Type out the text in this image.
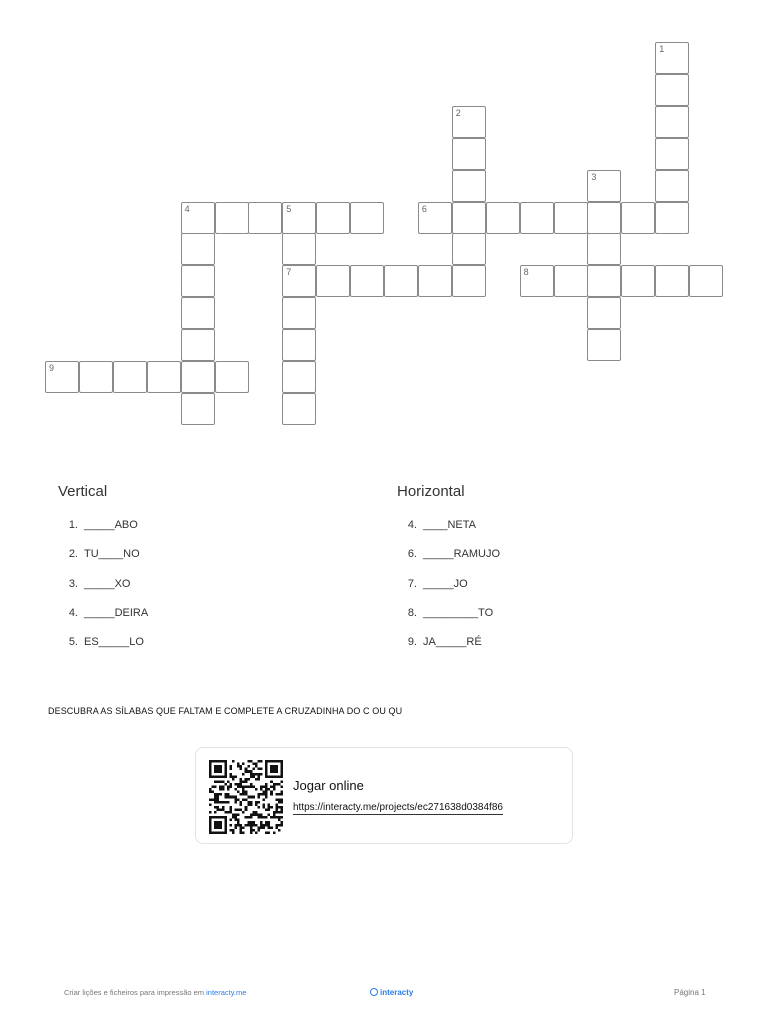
1
2
3
4	5
7
6
8
9
Vertical
1. _____ABO
2. TU____NO
3. _____XO
4. _____DEIRA
5. ES_____LO
Horizontal
4. ____NETA
6. _____RAMUJO
7. _____JO
8. _________TO
9. JA_____RÉ
DESCUBRA AS SÍLABAS QUE FALTAM E COMPLETE A CRUZADINHA DO C OU QU
Jogar online
https://interacty.me/projects/ec271638d0384f86
Criar lições e ficheiros para impressão em interacty.me	interacty	Página 1
